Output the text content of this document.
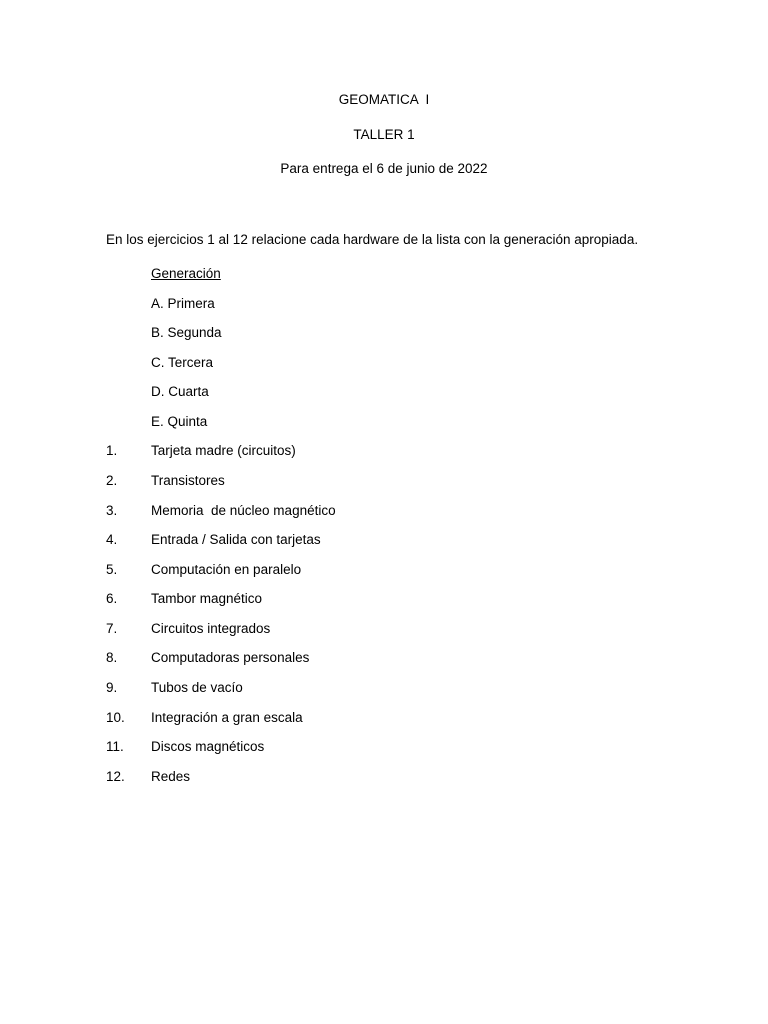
GEOMATICA  I
TALLER 1
Para entrega el 6 de junio de 2022
En los ejercicios 1 al 12 relacione cada hardware de la lista con la generación apropiada.
Generación
A. Primera
B. Segunda
C. Tercera
D. Cuarta
E. Quinta
1. Tarjeta madre (circuitos)
2. Transistores
3. Memoria  de núcleo magnético
4. Entrada / Salida con tarjetas
5. Computación en paralelo
6. Tambor magnético
7. Circuitos integrados
8. Computadoras personales
9. Tubos de vacío
10. Integración a gran escala
11. Discos magnéticos
12. Redes
